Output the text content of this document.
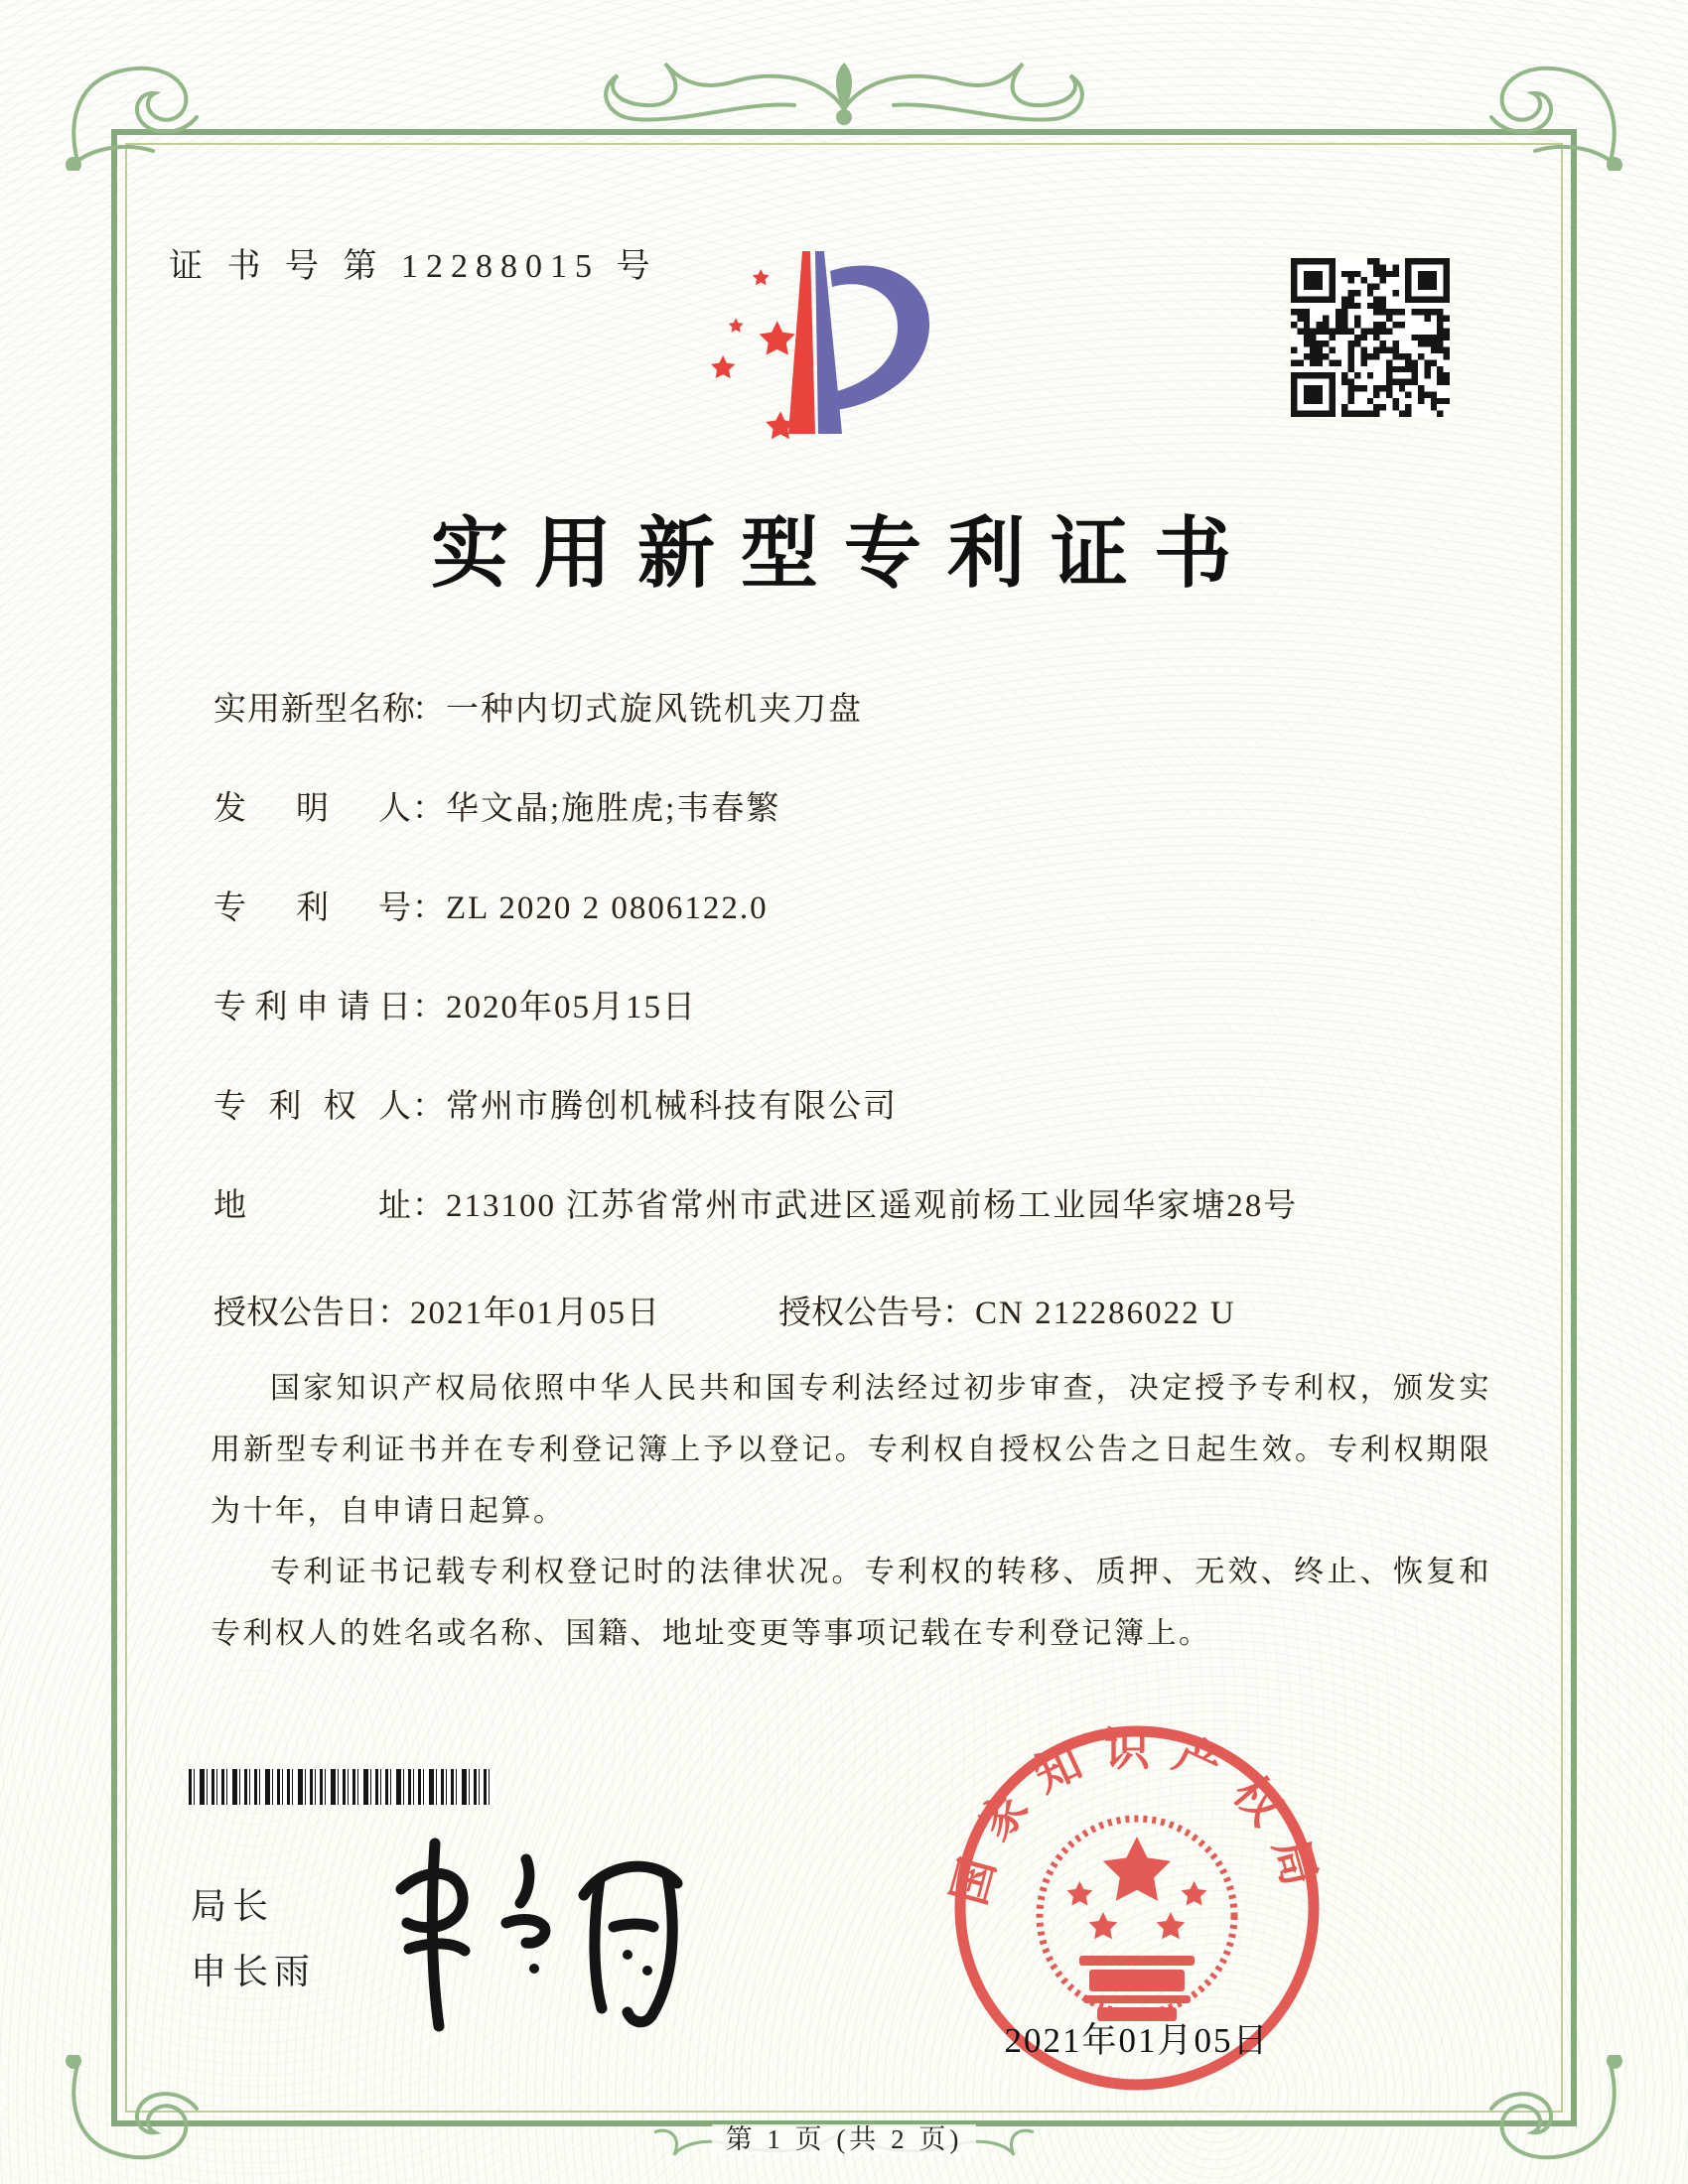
证 书 号 第 12288015 号
实用新型专利证书
实用新型名称
： 一种内切式旋风铣机夹刀盘
发明人 ： 华文晶;施胜虎;韦春繁
专利号 ： ZL 2020 2 0806122.0
专利申请日 ： 2020年05月15日
专利权人 ： 常州市腾创机械科技有限公司
地址 ： 213100 江苏省常州市武进区遥观前杨工业园华家塘28号
授权公告日： 2021年01月05日	授权公告号： CN 212286022 U

国家知识产权局依照中华人民共和国专利法经过初步审查，决定授予专利权，颁发实用新型专利证书并在专利登记簿上予以登记。专利权自授权公告之日起生效。专利权期限为十年，自申请日起算。

专利证书记载专利权登记时的法律状况。专利权的转移、质押、无效、终止、恢复和专利权人的姓名或名称、国籍、地址变更等事项记载在专利登记簿上。

局长
申长雨
国家知识产权局
2021年01月05日
第 1 页 (共 2 页)
